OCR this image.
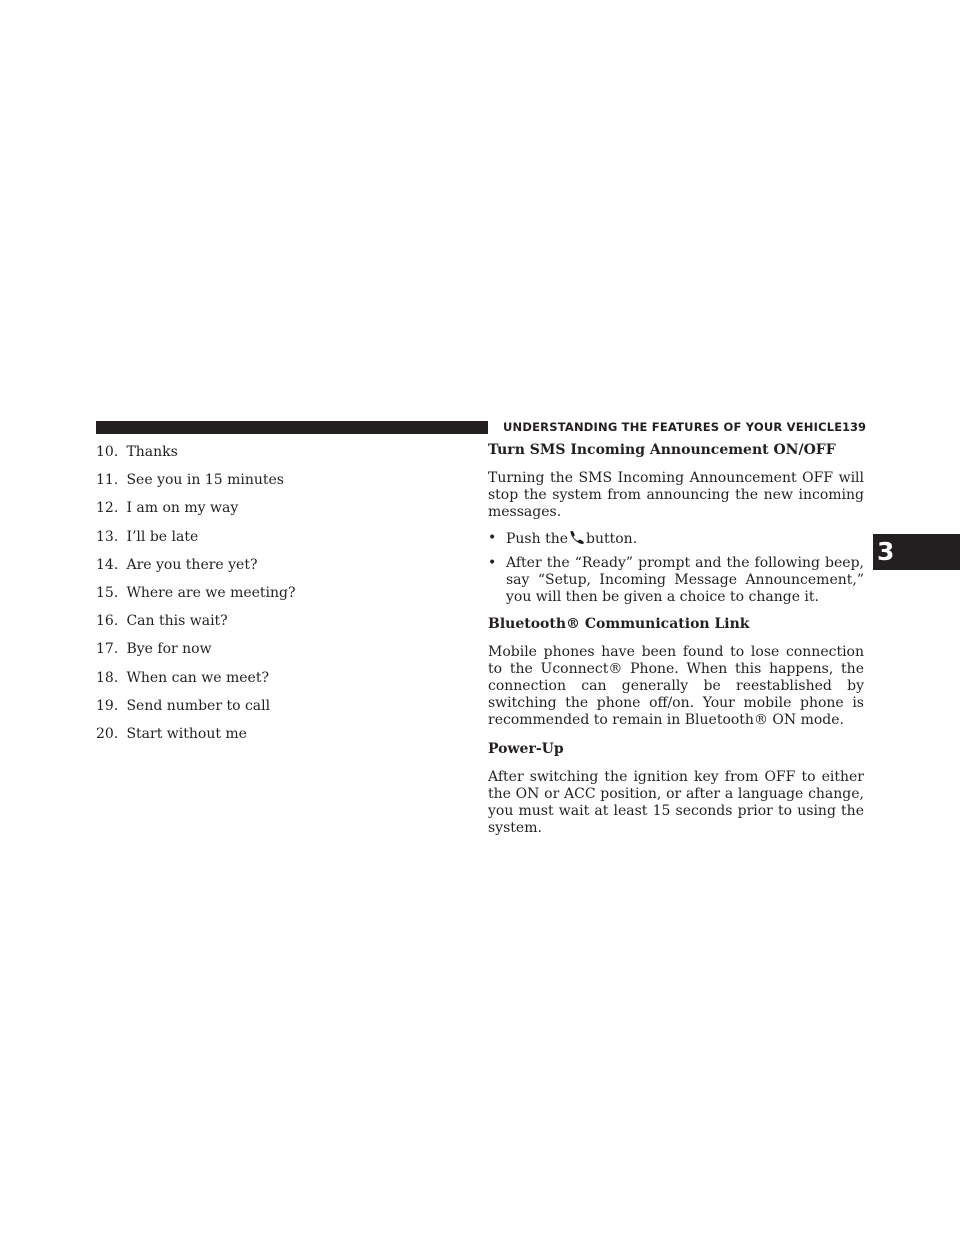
UNDERSTANDING THE FEATURES OF YOUR VEHICLE 139
3
10. Thanks
11. See you in 15 minutes
12. I am on my way
13. I’ll be late
14. Are you there yet?
15. Where are we meeting?
16. Can this wait?
17. Bye for now
18. When can we meet?
19. Send number to call
20. Start without me
Turn SMS Incoming Announcement ON/OFF

Turning the SMS Incoming Announcement OFF will stop the system from announcing the new incoming messages.

• Push the button.
• After the “Ready” prompt and the following beep, say “Setup, Incoming Message Announcement,” you will then be given a choice to change it.
Bluetooth® Communication Link

Mobile phones have been found to lose connection to the Uconnect® Phone. When this happens, the connection can generally be reestablished by switching the phone off/on. Your mobile phone is recommended to remain in Bluetooth® ON mode.

Power-Up

After switching the ignition key from OFF to either the ON or ACC position, or after a language change, you must wait at least 15 seconds prior to using the system.
